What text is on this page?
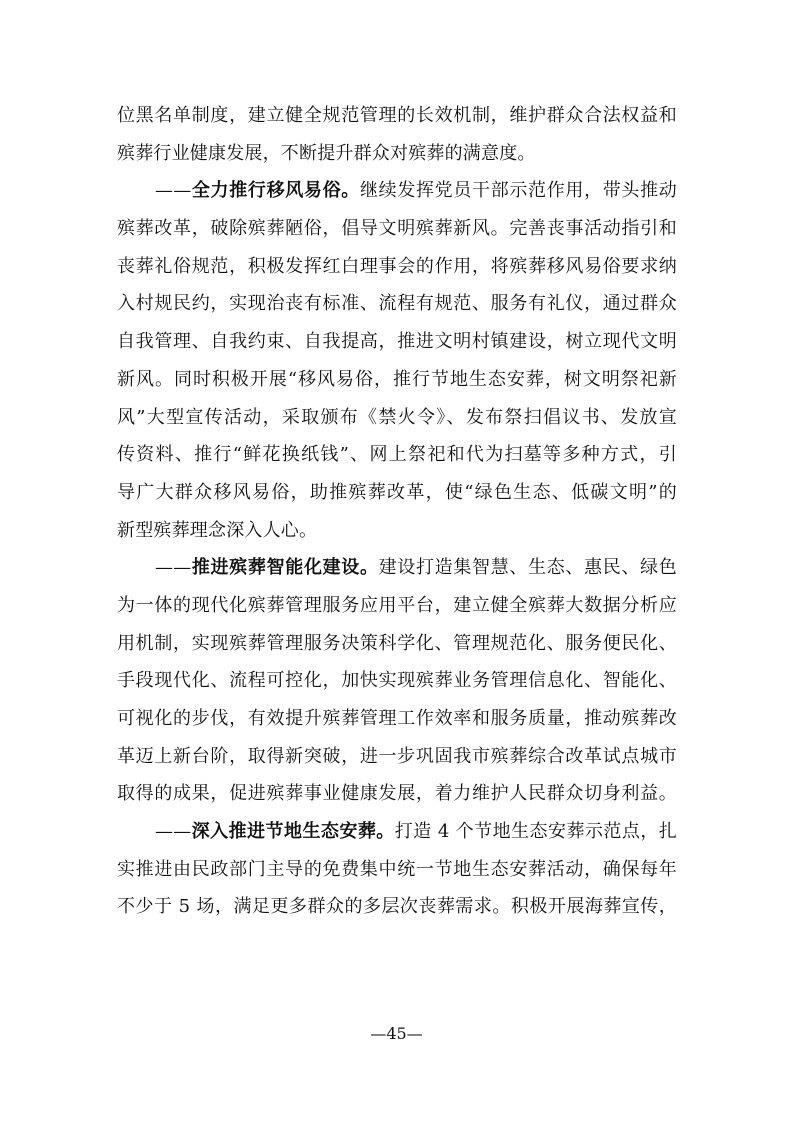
位黑名单制度，建立健全规范管理的长效机制，维护群众合法权益和
殡葬行业健康发展，不断提升群众对殡葬的满意度。
——全力推行移风易俗。继续发挥党员干部示范作用，带头推动
殡葬改革，破除殡葬陋俗，倡导文明殡葬新风。完善丧事活动指引和
丧葬礼俗规范，积极发挥红白理事会的作用，将殡葬移风易俗要求纳
入村规民约，实现治丧有标准、流程有规范、服务有礼仪，通过群众
自我管理、自我约束、自我提高，推进文明村镇建设，树立现代文明
新风。同时积极开展“移风易俗，推行节地生态安葬，树文明祭祀新
风”大型宣传活动，采取颁布《禁火令》、发布祭扫倡议书、发放宣
传资料、推行“鲜花换纸钱”、网上祭祀和代为扫墓等多种方式，引
导广大群众移风易俗，助推殡葬改革，使“绿色生态、低碳文明”的
新型殡葬理念深入人心。
——推进殡葬智能化建设。建设打造集智慧、生态、惠民、绿色
为一体的现代化殡葬管理服务应用平台，建立健全殡葬大数据分析应
用机制，实现殡葬管理服务决策科学化、管理规范化、服务便民化、
手段现代化、流程可控化，加快实现殡葬业务管理信息化、智能化、
可视化的步伐，有效提升殡葬管理工作效率和服务质量，推动殡葬改
革迈上新台阶，取得新突破，进一步巩固我市殡葬综合改革试点城市
取得的成果，促进殡葬事业健康发展，着力维护人民群众切身利益。
——深入推进节地生态安葬。打造 4 个节地生态安葬示范点，扎
实推进由民政部门主导的免费集中统一节地生态安葬活动，确保每年
不少于 5 场，满足更多群众的多层次丧葬需求。积极开展海葬宣传，
—45—
